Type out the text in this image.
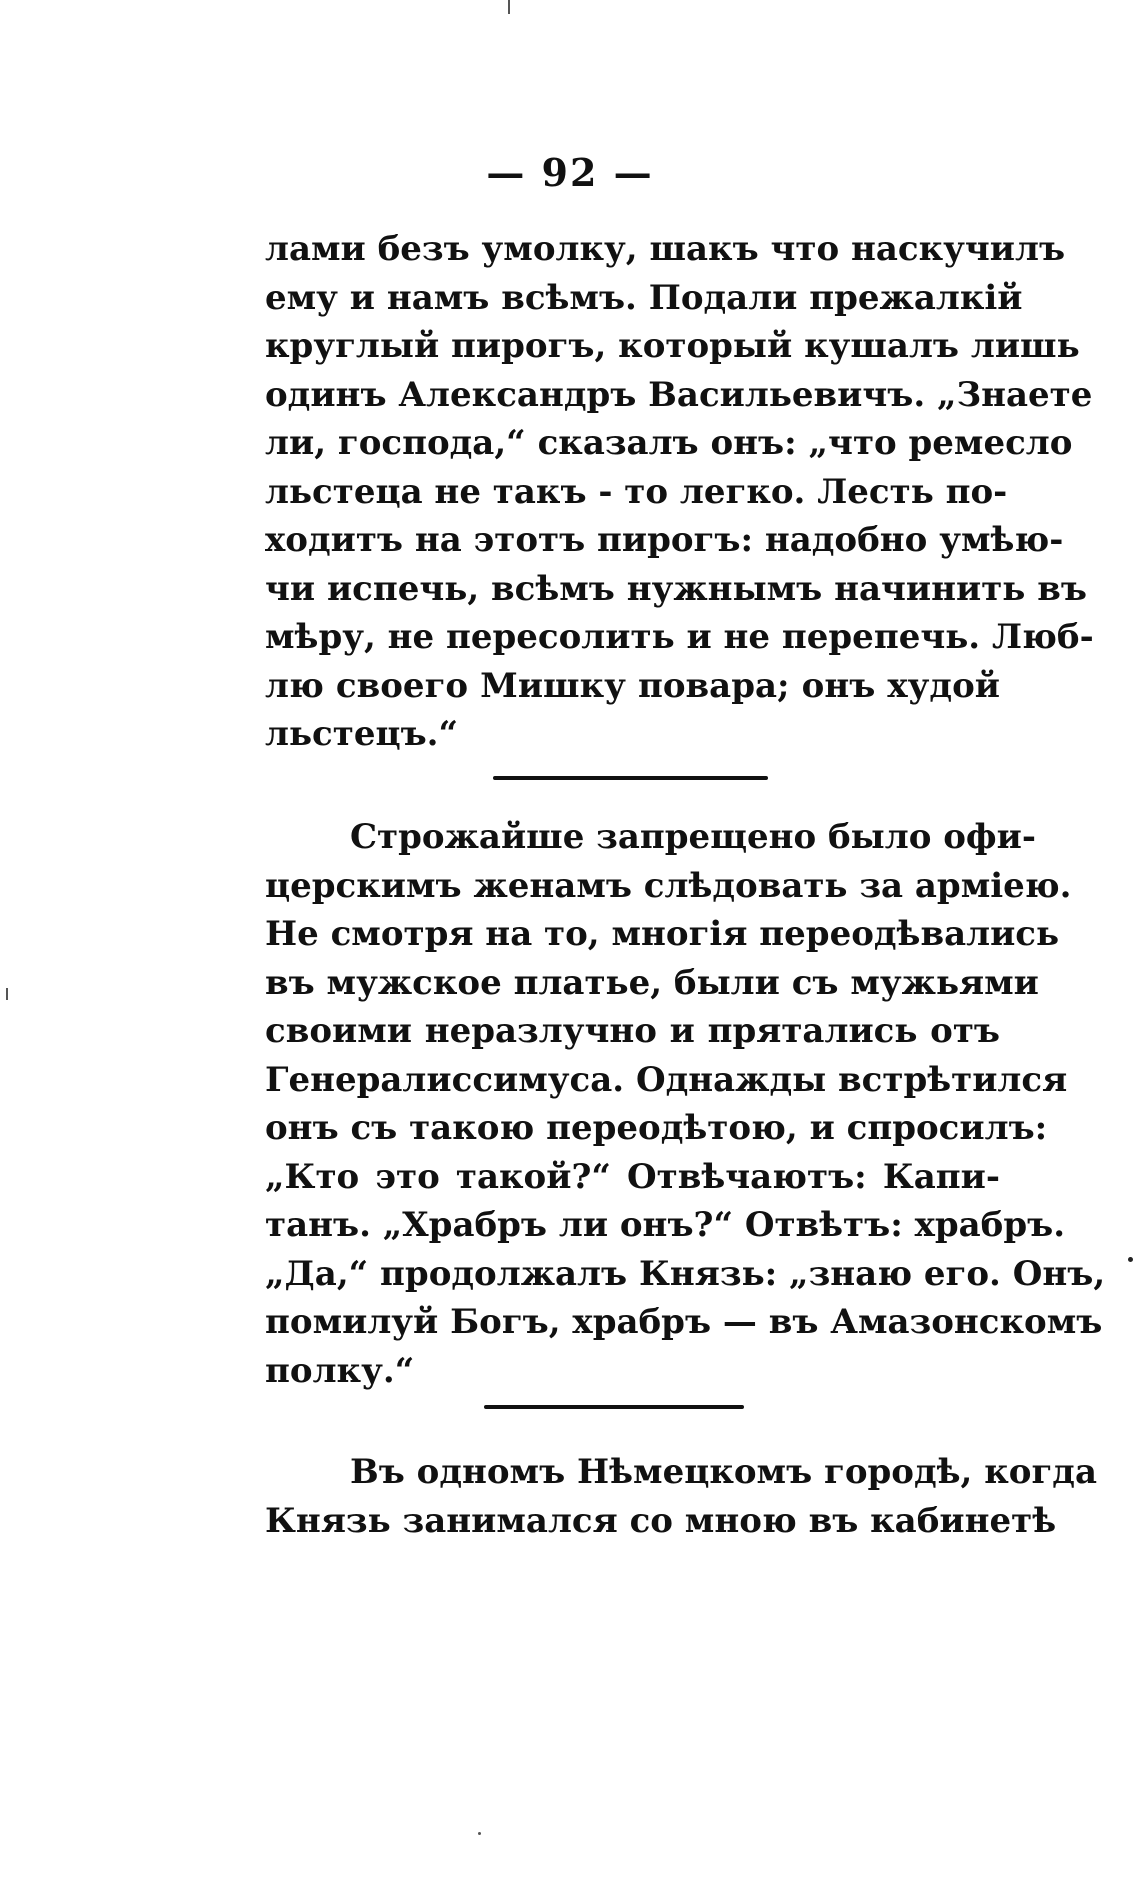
— 92 —
лами безъ умолку, шакъ что наскучилъ
ему и намъ всѣмъ. Подали прежалкій
круглый пирогъ, который кушалъ лишь
одинъ Александръ Васильевичъ. „Знаете
ли, господа,“ сказалъ онъ: „что ремесло
льстеца не такъ - то легко. Лесть по-
ходитъ на этотъ пирогъ: надобно умѣю-
чи испечь, всѣмъ нужнымъ начинить въ
мѣру, не пересолить и не перепечь. Люб-
лю своего Мишку повара; онъ худой
льстецъ.“
Строжайше запрещено было офи-
церскимъ женамъ слѣдовать за арміею.
Не смотря на то, многія переодѣвались
въ мужское платье, были съ мужьями
своими неразлучно и прятались отъ
Генералиссимуса. Однажды встрѣтился
онъ съ такою переодѣтою, и спросилъ:
„Кто это такой?“ Отвѣчаютъ: Капи-
танъ. „Храбръ ли онъ?“ Отвѣтъ: храбръ.
„Да,“ продолжалъ Князь: „знаю его. Онъ,
помилуй Богъ, храбръ — въ Амазонскомъ
полку.“
Въ одномъ Нѣмецкомъ городѣ, когда
Князь занимался со мною въ кабинетѣ
